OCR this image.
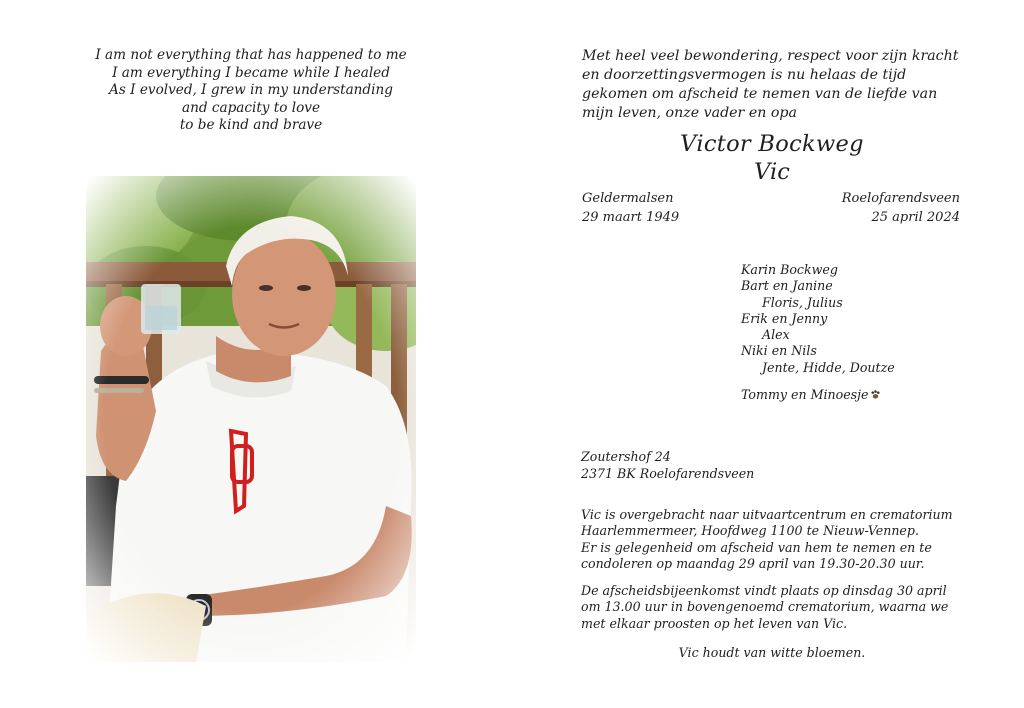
I am not everything that has happened to me
I am everything I became while I healed
As I evolved, I grew in my understanding
and capacity to love
to be kind and brave
Met heel veel bewondering, respect voor zijn kracht
en doorzettingsvermogen is nu helaas de tijd
gekomen om afscheid te nemen van de liefde van
mijn leven, onze vader en opa
Victor Bockweg
Vic
Geldermalsen
29 maart 1949
Roelofarendsveen
25 april 2024
Karin Bockweg
Bart en Janine
Floris, Julius
Erik en Jenny
Alex
Niki en Nils
Jente, Hidde, Doutze
Tommy en Minoesje
Zoutershof 24
2371 BK Roelofarendsveen
Vic is overgebracht naar uitvaartcentrum en crematorium
Haarlemmermeer, Hoofdweg 1100 te Nieuw-Vennep.
Er is gelegenheid om afscheid van hem te nemen en te
condoleren op maandag 29 april van 19.30-20.30 uur.
De afscheidsbijeenkomst vindt plaats op dinsdag 30 april
om 13.00 uur in bovengenoemd crematorium, waarna we
met elkaar proosten op het leven van Vic.
Vic houdt van witte bloemen.
